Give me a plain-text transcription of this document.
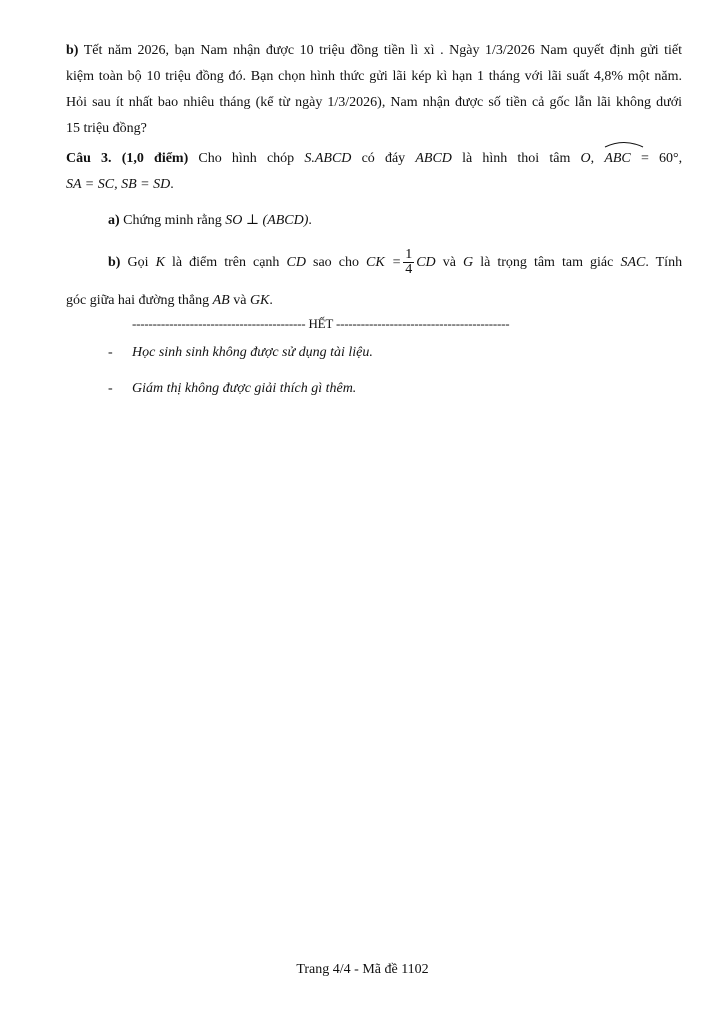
b) Tết năm 2026, bạn Nam nhận được 10 triệu đồng tiền lì xì . Ngày 1/3/2026 Nam quyết định gửi tiết
kiệm toàn bộ 10 triệu đồng đó. Bạn chọn hình thức gửi lãi kép kì hạn 1 tháng với lãi suất 4,8% một năm.
Hỏi sau ít nhất bao nhiêu tháng (kể từ ngày 1/3/2026), Nam nhận được số tiền cả gốc lẫn lãi không dưới
15 triệu đồng?
Câu 3. (1,0 điểm) Cho hình chóp S.ABCD có đáy ABCD là hình thoi tâm O, ABC = 60°,
SA = SC, SB = SD.
a) Chứng minh rằng SO ⊥ (ABCD).
b) Gọi K là điểm trên cạnh CD sao cho CK = $\frac{1}{4}$ CD và G là trọng tâm tam giác SAC. Tính
góc giữa hai đường thẳng AB và GK.
------------------------------------------ HẾT ------------------------------------------
- Học sinh sinh không được sử dụng tài liệu.
- Giám thị không được giải thích gì thêm.
Trang 4/4 - Mã đề 1102
